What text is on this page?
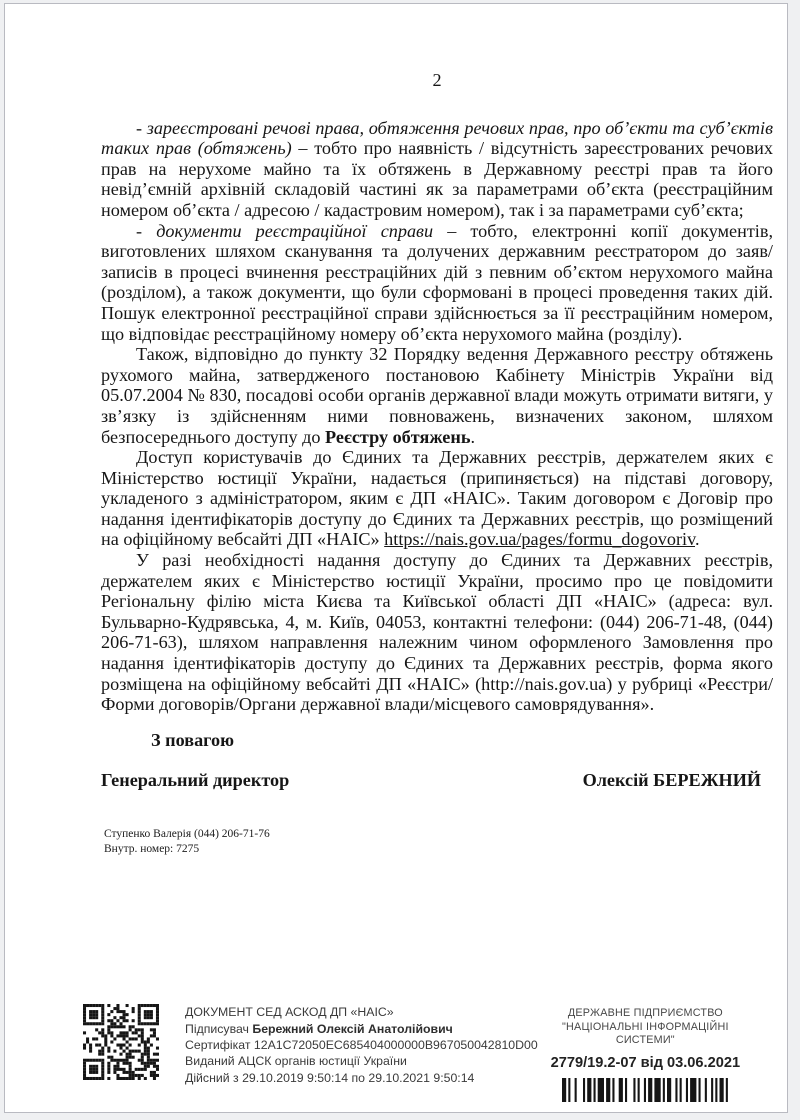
2

- зареєстровані речові права, обтяження речових прав, про об’єкти та суб’єктів таких прав (обтяжень) – тобто про наявність / відсутність зареєстрованих речових прав на нерухоме майно та їх обтяжень в Державному реєстрі прав та його невід’ємній архівній складовій частині як за параметрами об’єкта (реєстраційним номером об’єкта / адресою / кадастровим номером), так і за параметрами суб’єкта;

- документи реєстраційної справи – тобто, електронні копії документів, виготовлених шляхом сканування та долучених державним реєстратором до заяв/записів в процесі вчинення реєстраційних дій з певним об’єктом нерухомого майна (розділом), а також документи, що були сформовані в процесі проведення таких дій. Пошук електронної реєстраційної справи здійснюється за її реєстраційним номером, що відповідає реєстраційному номеру об’єкта нерухомого майна (розділу).

Також, відповідно до пункту 32 Порядку ведення Державного реєстру обтяжень рухомого майна, затвердженого постановою Кабінету Міністрів України від 05.07.2004 № 830, посадові особи органів державної влади можуть отримати витяги, у зв’язку із здійсненням ними повноважень, визначених законом, шляхом безпосереднього доступу до Реєстру обтяжень.

Доступ користувачів до Єдиних та Державних реєстрів, держателем яких є Міністерство юстиції України, надається (припиняється) на підставі договору, укладеного з адміністратором, яким є ДП «НАІС». Таким договором є Договір про надання ідентифікаторів доступу до Єдиних та Державних реєстрів, що розміщений на офіційному вебсайті ДП «НАІС» https://nais.gov.ua/pages/formu_dogovoriv.

У разі необхідності надання доступу до Єдиних та Державних реєстрів, держателем яких є Міністерство юстиції України, просимо про це повідомити Регіональну філію міста Києва та Київської області ДП «НАІС» (адреса: вул. Бульварно-Кудрявська, 4, м. Київ, 04053, контактні телефони: (044) 206-71-48, (044) 206-71-63), шляхом направлення належним чином оформленого Замовлення про надання ідентифікаторів доступу до Єдиних та Державних реєстрів, форма якого розміщена на офіційному вебсайті ДП «НАІС» (http://nais.gov.ua) у рубриці «Реєстри/Форми договорів/Органи державної влади/місцевого самоврядування».

З повагою

Генеральний директор	Олексій БЕРЕЖНИЙ
Ступенко Валерія (044) 206-71-76
Внутр. номер: 7275
ДОКУМЕНТ СЕД АСКОД ДП «НАІС»
Підписувач Бережний Олексій Анатолійович
Сертифікат 12A1C72050EC685404000000B967050042810D00
Виданий АЦСК органів юстиції України
Дійсний з 29.10.2019 9:50:14 по 29.10.2021 9:50:14
ДЕРЖАВНЕ ПІДПРИЄМСТВО
"НАЦІОНАЛЬНІ ІНФОРМАЦІЙНІ СИСТЕМИ"
2779/19.2-07 від 03.06.2021
